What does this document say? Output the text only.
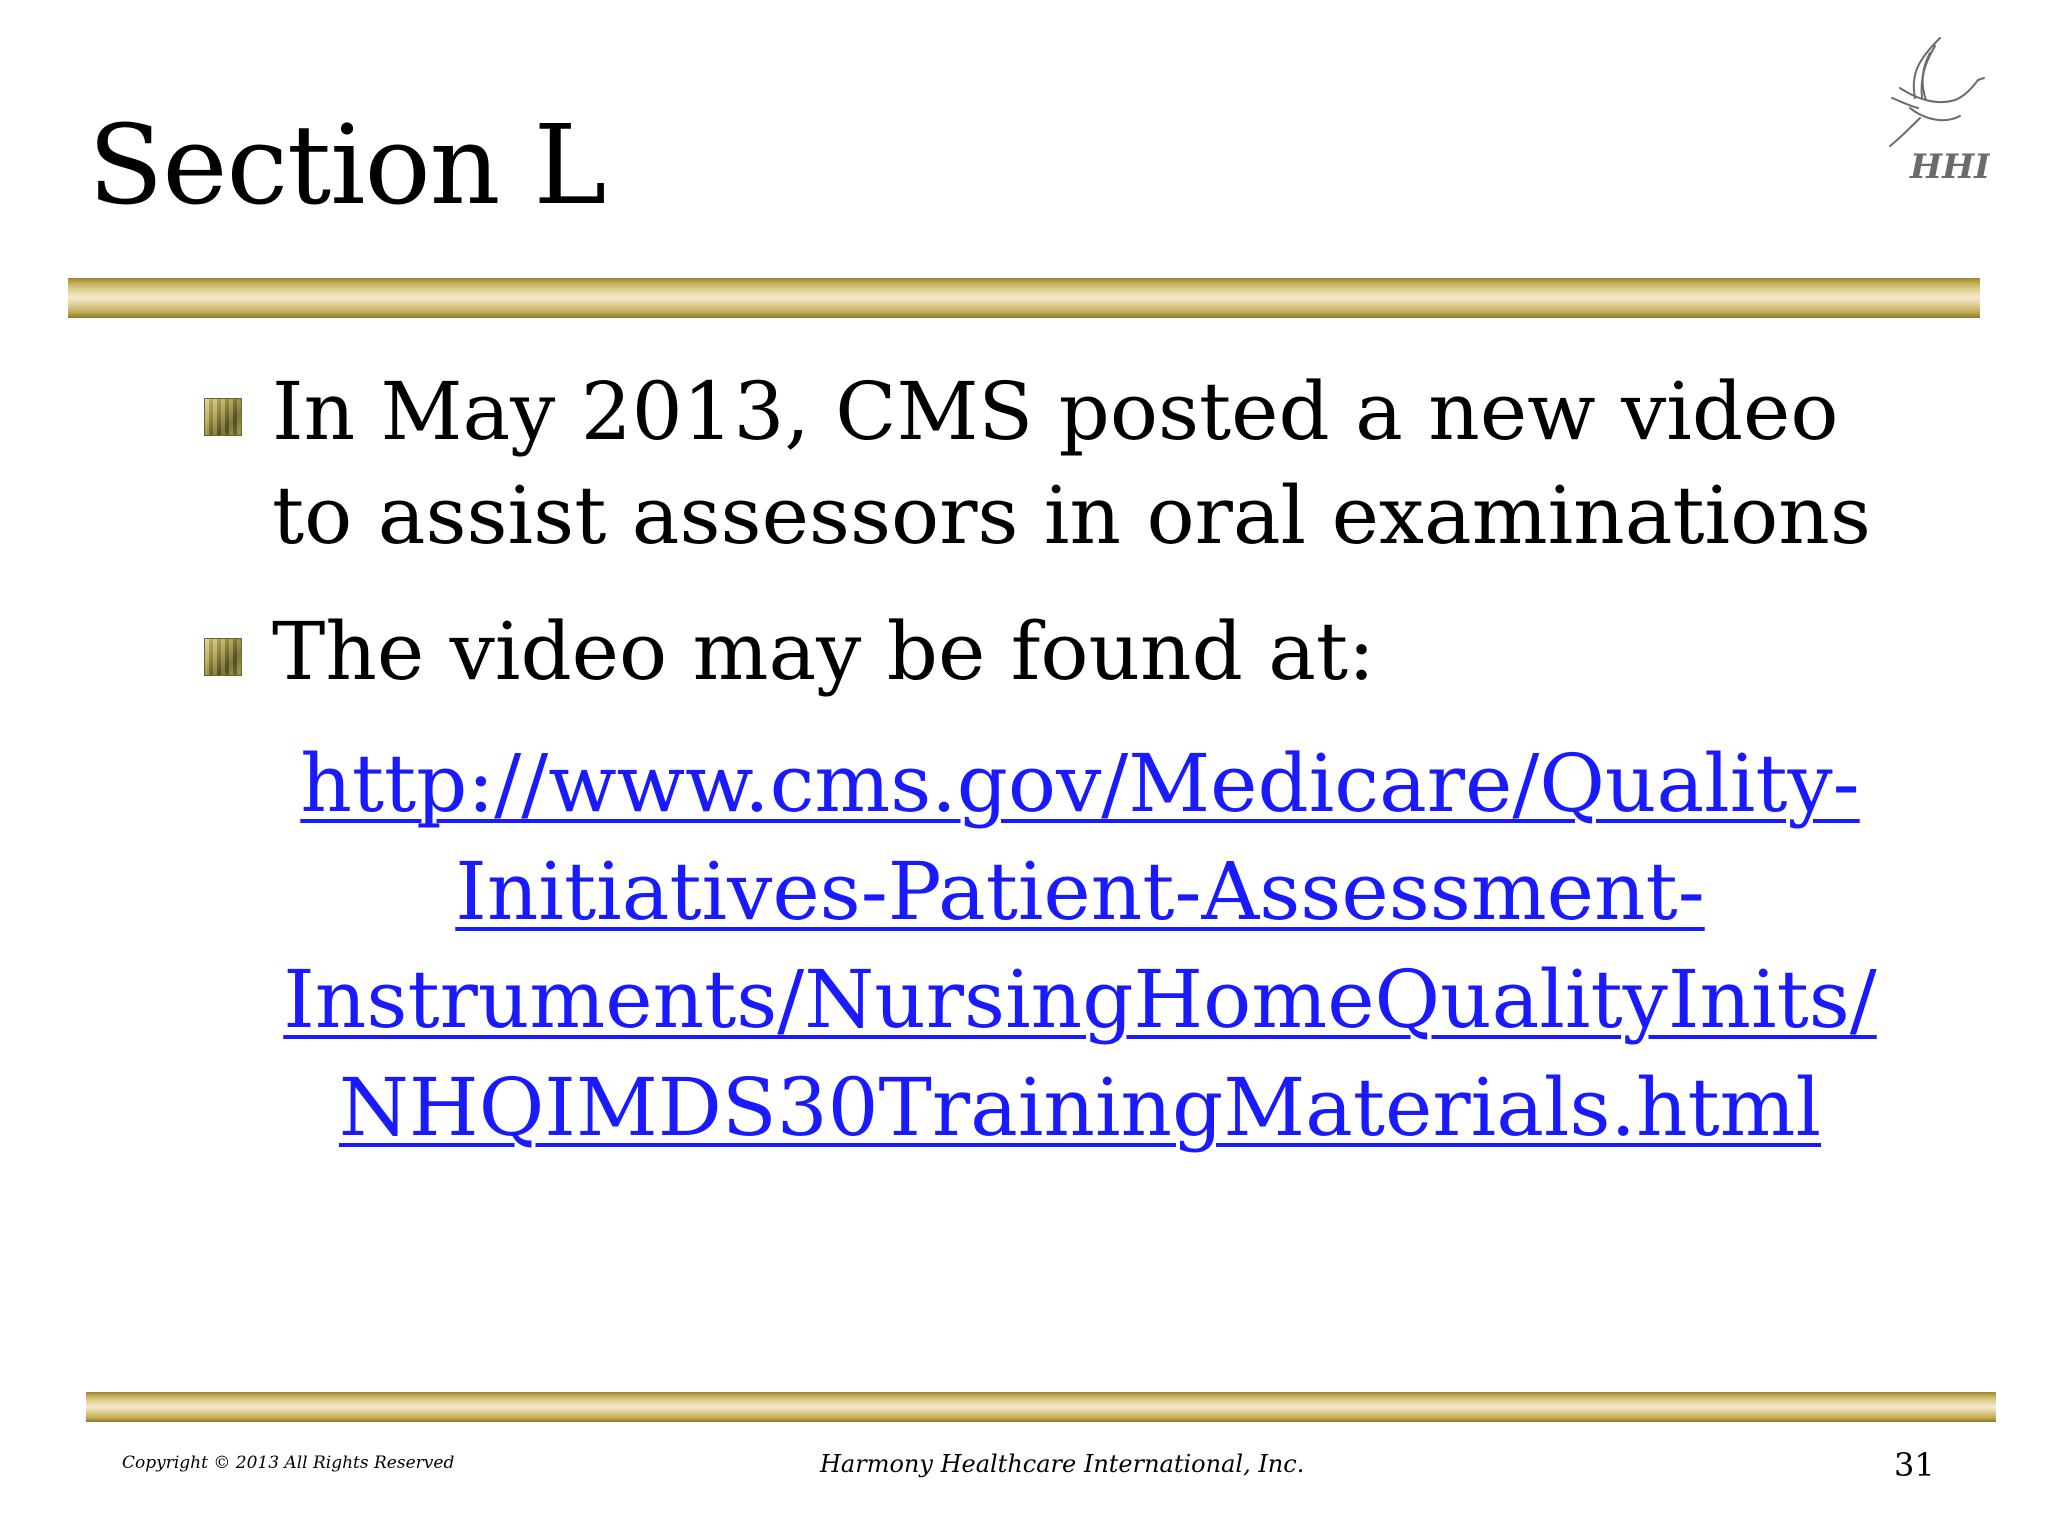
Section L	HHI
In May 2013, CMS posted a new video to assist assessors in oral examinations
The video may be found at:
http://www.cms.gov/Medicare/Quality-
Initiatives-Patient-Assessment-
Instruments/NursingHomeQualityInits/
NHQIMDS30TrainingMaterials.html
Copyright © 2013 All Rights Reserved	Harmony Healthcare International, Inc.	31
